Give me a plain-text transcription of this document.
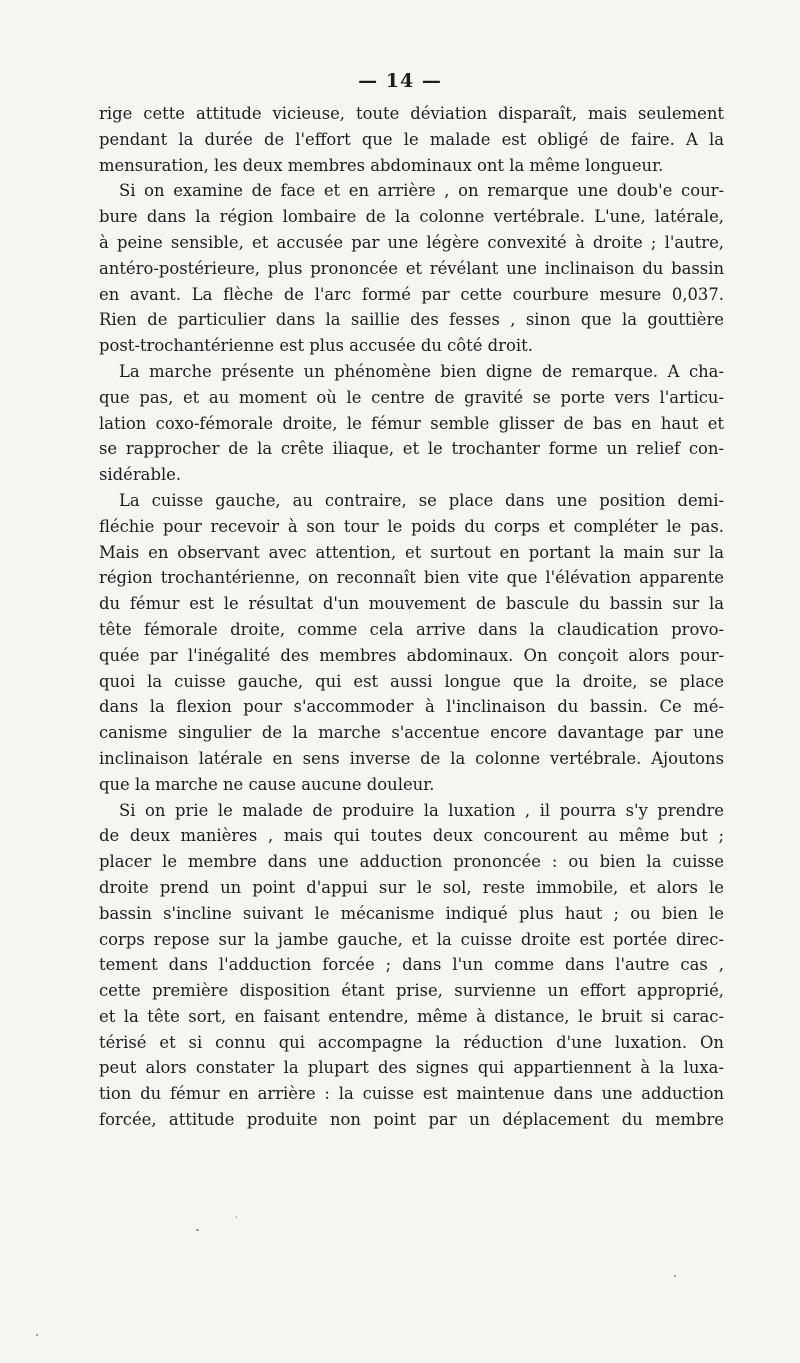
— 14 —
rige cette attitude vicieuse, toute déviation disparaît, mais seulement
pendant la durée de l'effort que le malade est obligé de faire. A la
mensuration, les deux membres abdominaux ont la même longueur.
Si on examine de face et en arrière , on remarque une doub'e cour-
bure dans la région lombaire de la colonne vertébrale. L'une, latérale,
à peine sensible, et accusée par une légère convexité à droite ; l'autre,
antéro-postérieure, plus prononcée et révélant une inclinaison du bassin
en avant. La flèche de l'arc formé par cette courbure mesure 0,037.
Rien de particulier dans la saillie des fesses , sinon que la gouttière
post-trochantérienne est plus accusée du côté droit.
La marche présente un phénomène bien digne de remarque. A cha-
que pas, et au moment où le centre de gravité se porte vers l'articu-
lation coxo-fémorale droite, le fémur semble glisser de bas en haut et
se rapprocher de la crête iliaque, et le trochanter forme un relief con-
sidérable.
La cuisse gauche, au contraire, se place dans une position demi-
fléchie pour recevoir à son tour le poids du corps et compléter le pas.
Mais en observant avec attention, et surtout en portant la main sur la
région trochantérienne, on reconnaît bien vite que l'élévation apparente
du fémur est le résultat d'un mouvement de bascule du bassin sur la
tête fémorale droite, comme cela arrive dans la claudication provo-
quée par l'inégalité des membres abdominaux. On conçoit alors pour-
quoi la cuisse gauche, qui est aussi longue que la droite, se place
dans la flexion pour s'accommoder à l'inclinaison du bassin. Ce mé-
canisme singulier de la marche s'accentue encore davantage par une
inclinaison latérale en sens inverse de la colonne vertébrale. Ajoutons
que la marche ne cause aucune douleur.
Si on prie le malade de produire la luxation , il pourra s'y prendre
de deux manières , mais qui toutes deux concourent au même but ;
placer le membre dans une adduction prononcée : ou bien la cuisse
droite prend un point d'appui sur le sol, reste immobile, et alors le
bassin s'incline suivant le mécanisme indiqué plus haut ; ou bien le
corps repose sur la jambe gauche, et la cuisse droite est portée direc-
tement dans l'adduction forcée ; dans l'un comme dans l'autre cas ,
cette première disposition étant prise, survienne un effort approprié,
et la tête sort, en faisant entendre, même à distance, le bruit si carac-
térisé et si connu qui accompagne la réduction d'une luxation. On
peut alors constater la plupart des signes qui appartiennent à la luxa-
tion du fémur en arrière : la cuisse est maintenue dans une adduction
forcée, attitude produite non point par un déplacement du membre
